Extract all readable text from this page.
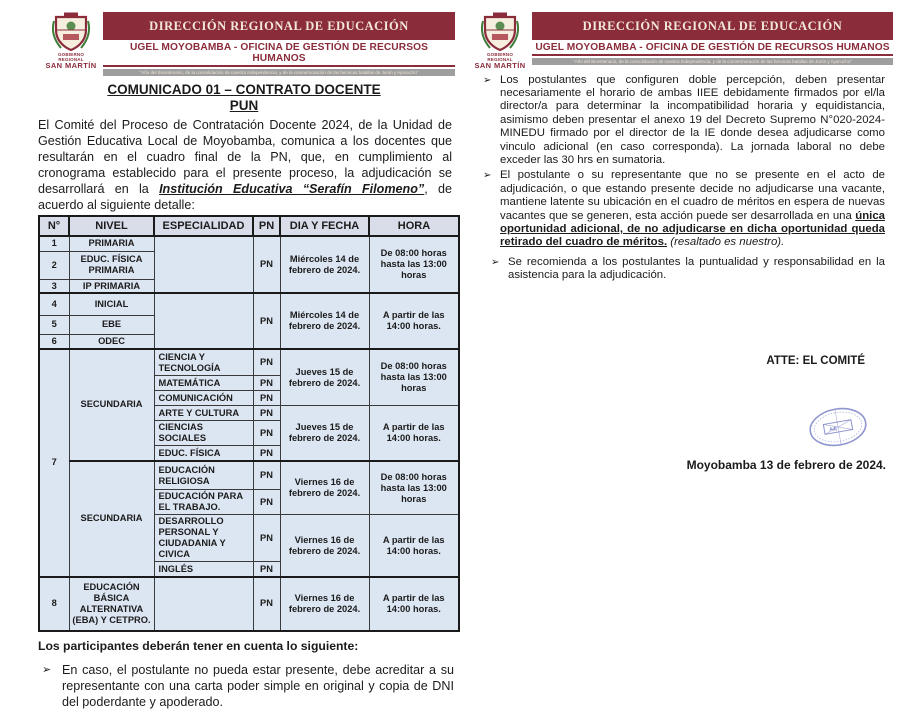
GOBIERNO REGIONAL
SAN MARTÍN
DIRECCIÓN REGIONAL DE EDUCACIÓN
UGEL MOYOBAMBA - OFICINA DE GESTIÓN DE RECURSOS HUMANOS
“Año del Bicentenario, de la consolidación de nuestra Independencia, y de la conmemoración de las heroicas batallas de Junín y Ayacucho”
COMUNICADO 01 – CONTRATO DOCENTE
PUN
El Comité del Proceso de Contratación Docente 2024, de la Unidad de Gestión Educativa Local de Moyobamba, comunica a los docentes que resultarán en el cuadro final de la PN, que, en cumplimiento al cronograma establecido para el presente proceso, la adjudicación se desarrollará en la Institución Educativa “Serafín Filomeno”, de acuerdo al siguiente detalle:
N°	NIVEL	ESPECIALIDAD	PN	DIA Y FECHA	HORA
1	PRIMARIA		PN	Miércoles 14 de febrero de 2024.	De 08:00 horas hasta las 13:00 horas
2	EDUC. FÍSICA PRIMARIA				
3	IP PRIMARIA				
4	INICIAL		PN	Miércoles 14 de febrero de 2024.	A partir de las 14:00 horas.
5	EBE				
6	ODEC				
7	SECUNDARIA	CIENCIA Y TECNOLOGÍA	PN	Jueves 15 de febrero de 2024.	De 08:00 horas hasta las 13:00 horas
		MATEMÁTICA	PN		
		COMUNICACIÓN	PN		
		ARTE Y CULTURA	PN	Jueves 15 de febrero de 2024.	A partir de las 14:00 horas.
		CIENCIAS SOCIALES	PN		
		EDUC. FÍSICA	PN		
	SECUNDARIA	EDUCACIÓN RELIGIOSA	PN	Viernes 16 de febrero de 2024.	De 08:00 horas hasta las 13:00 horas
		EDUCACIÓN PARA EL TRABAJO.	PN		
		DESARROLLO PERSONAL Y CIUDADANIA Y CIVICA	PN	Viernes 16 de febrero de 2024.	A partir de las 14:00 horas.
		INGLÉS	PN		
8	EDUCACIÓN BÁSICA ALTERNATIVA (EBA) Y CETPRO.		PN	Viernes 16 de febrero de 2024.	A partir de las 14:00 horas.
Los participantes deberán tener en cuenta lo siguiente:
➢ En caso, el postulante no pueda estar presente, debe acreditar a su representante con una carta poder simple en original y copia de DNI del poderdante y apoderado.
GOBIERNO REGIONAL
SAN MARTÍN
DIRECCIÓN REGIONAL DE EDUCACIÓN
UGEL MOYOBAMBA - OFICINA DE GESTIÓN DE RECURSOS HUMANOS
“Año del Bicentenario, de la consolidación de nuestra Independencia, y de la conmemoración de las heroicas batallas de Junín y Ayacucho”
➢ Los postulantes que configuren doble percepción, deben presentar necesariamente el horario de ambas IIEE debidamente firmados por el/la director/a para determinar la incompatibilidad horaria y equidistancia, asimismo deben presentar el anexo 19 del Decreto Supremo N°020-2024-MINEDU firmado por el director de la IE donde desea adjudicarse como vinculo adicional (en caso corresponda). La jornada laboral no debe exceder las 30 hrs en sumatoria.
➢ El postulante o su representante que no se presente en el acto de adjudicación, o que estando presente decide no adjudicarse una vacante, mantiene latente su ubicación en el cuadro de méritos en espera de nuevas vacantes que se generen, esta acción puede ser desarrollada en una única oportunidad adicional, de no adjudicarse en dicha oportunidad queda retirado del cuadro de méritos. (resaltado es nuestro).
➢ Se recomienda a los postulantes la puntualidad y responsabilidad en la asistencia para la adjudicación.
ATTE: EL COMITÉ
Adj
Moyobamba 13 de febrero de 2024.
